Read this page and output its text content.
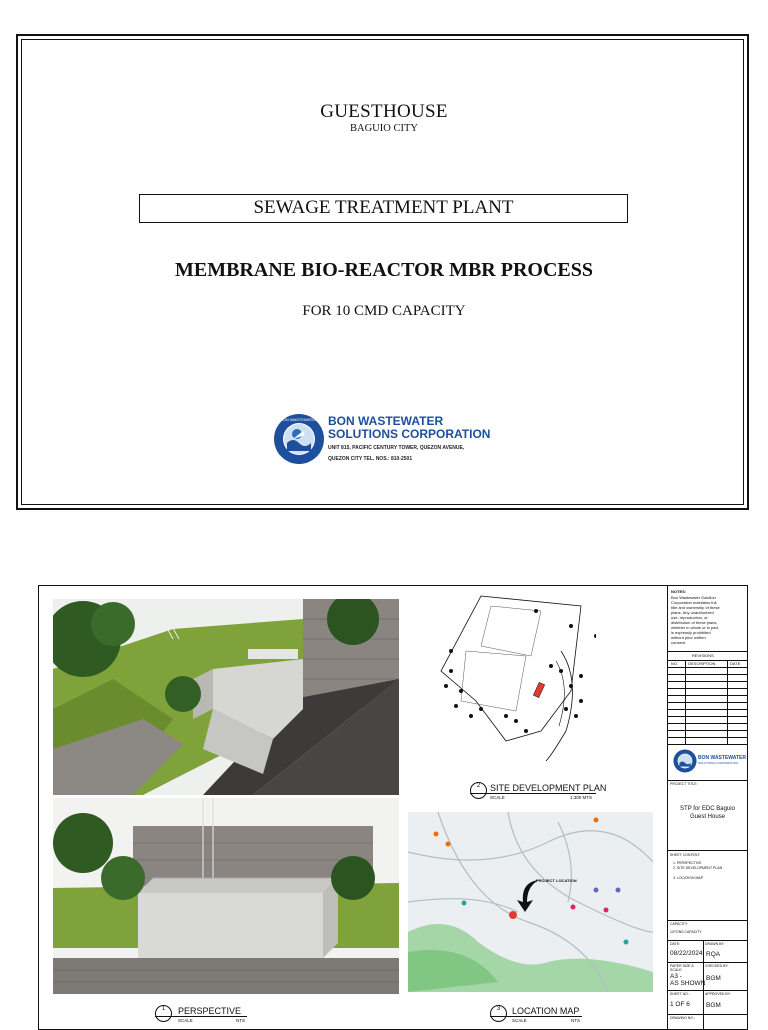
GUESTHOUSE
BAGUIO CITY
SEWAGE TREATMENT PLANT
MEMBRANE BIO-REACTOR MBR PROCESS
FOR 10 CMD CAPACITY
BON WASTEWATER BON WASTEWATER
SOLUTIONS CORPORATION
UNIT 815, PACIFIC CENTURY TOWER, QUEZON AVENUE,
QUEZON CITY TEL. NOS.: 810-2501
2	SITE DEVELOPMENT PLAN
SCALE	1:300 MTS
PROJECT LOCATION
1	PERSPECTIVE
SCALE	NTS
3	LOCATION MAP
SCALE	NTS
NOTES:
Bon Wastewater Solution Corporation maintains full title and ownership of these plans. Any unauthorized use, reproduction, or distribution of these plans, whether in whole or in part, is expressly prohibited without prior written consent.
REVISIONS
NO. DESCRIPTION	DATE
BON WASTEWATER
SOLUTIONS CORPORATION
PROJECT TITLE:
STP for EDC Baguio
Guest House
SHEET CONTENT:
1. PERSPECTIVE
2. SITE DEVELOPMENT PLAN
3. LOCATION MAP
CAPACITY:
10TONS CAPACITY
DATE:
08/22/2024
DRAWN BY:
RQA
PAPER SIZE & SCALE:
A3 -
AS SHOWN
CHECKED BY:
BGM
SHEET NO.:
1 OF 6
APPROVED BY:
BGM
DRAWING NO.:
